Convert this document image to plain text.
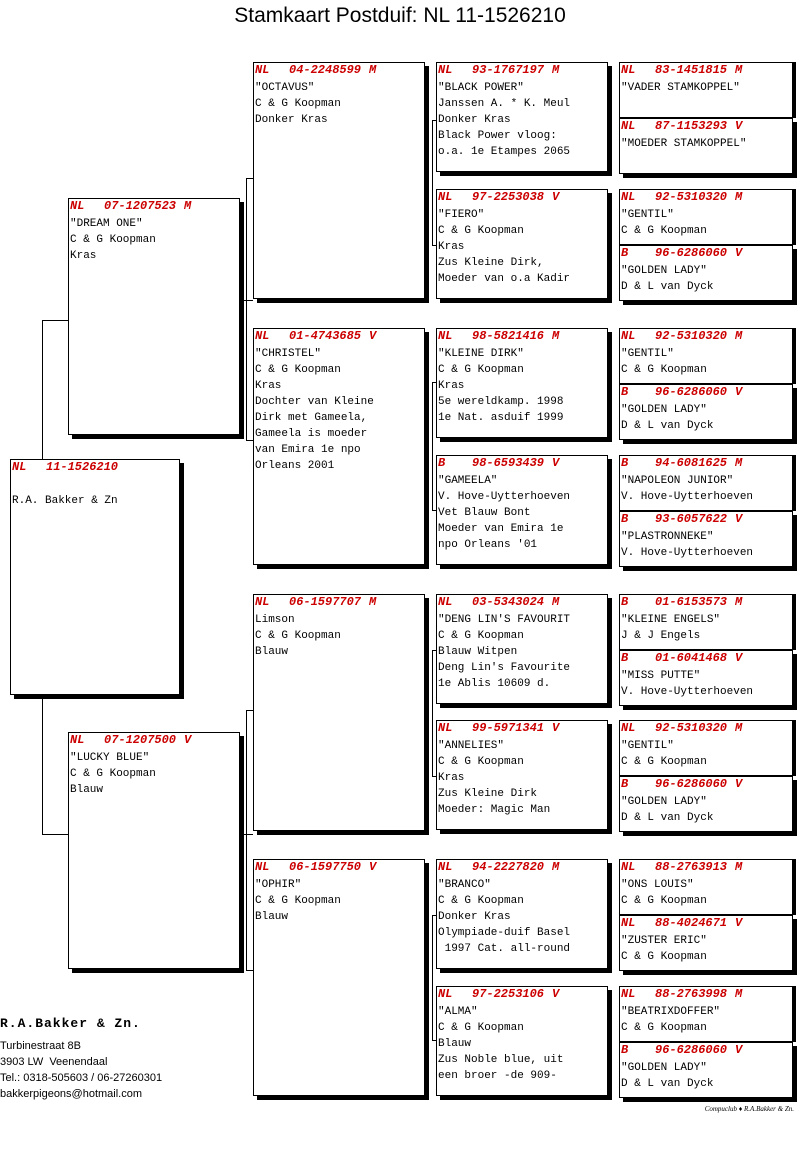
Stamkaart Postduif: NL 11-1526210
NL	11-1526210
R.A. Bakker & Zn
NL	07-1207523 M
"DREAM ONE"
C & G Koopman
Kras
NL	07-1207500 V
"LUCKY BLUE"
C & G Koopman
Blauw
NL	04-2248599 M
"OCTAVUS"
C & G Koopman
Donker Kras
NL	01-4743685 V
"CHRISTEL"
C & G Koopman
Kras
Dochter van Kleine
Dirk met Gameela,
Gameela is moeder
van Emira 1e npo
Orleans 2001
NL	06-1597707 M
Limson
C & G Koopman
Blauw
NL	06-1597750 V
"OPHIR"
C & G Koopman
Blauw
NL	93-1767197 M
"BLACK POWER"
Janssen A. * K. Meul
Donker Kras
Black Power vloog:
o.a. 1e Etampes 2065
NL	97-2253038 V
"FIERO"
C & G Koopman
Kras
Zus Kleine Dirk,
Moeder van o.a Kadir
NL	98-5821416 M
"KLEINE DIRK"
C & G Koopman
Kras
5e wereldkamp. 1998
1e Nat. asduif 1999
B	98-6593439 V
"GAMEELA"
V. Hove-Uytterhoeven
Vet Blauw Bont
Moeder van Emira 1e
npo Orleans '01
NL	03-5343024 M
"DENG LIN'S FAVOURIT
C & G Koopman
Blauw Witpen
Deng Lin's Favourite
1e Ablis 10609 d.
NL	99-5971341 V
"ANNELIES"
C & G Koopman
Kras
Zus Kleine Dirk
Moeder: Magic Man
NL	94-2227820 M
"BRANCO"
C & G Koopman
Donker Kras
Olympiade-duif Basel
1997 Cat. all-round
NL	97-2253106 V
"ALMA"
C & G Koopman
Blauw
Zus Noble blue, uit
een broer -de 909-
NL	83-1451815 M
"VADER STAMKOPPEL"
NL	87-1153293 V
"MOEDER STAMKOPPEL"
NL	92-5310320 M
"GENTIL"
C & G Koopman
B	96-6286060 V
"GOLDEN LADY"
D & L van Dyck
NL	92-5310320 M
"GENTIL"
C & G Koopman
B	96-6286060 V
"GOLDEN LADY"
D & L van Dyck
B	94-6081625 M
"NAPOLEON JUNIOR"
V. Hove-Uytterhoeven
B	93-6057622 V
"PLASTRONNEKE"
V. Hove-Uytterhoeven
B	01-6153573 M
"KLEINE ENGELS"
J & J Engels
B	01-6041468 V
"MISS PUTTE"
V. Hove-Uytterhoeven
NL	92-5310320 M
"GENTIL"
C & G Koopman
B	96-6286060 V
"GOLDEN LADY"
D & L van Dyck
NL	88-2763913 M
"ONS LOUIS"
C & G Koopman
NL	88-4024671 V
"ZUSTER ERIC"
C & G Koopman
NL	88-2763998 M
"BEATRIXDOFFER"
C & G Koopman
B	96-6286060 V
"GOLDEN LADY"
D & L van Dyck
R.A.Bakker & Zn.
Turbinestraat 8B
3903 LW  Veenendaal
Tel.: 0318-505603 / 06-27260301
bakkerpigeons@hotmail.com
Compuclub ♦ R.A.Bakker & Zn.
